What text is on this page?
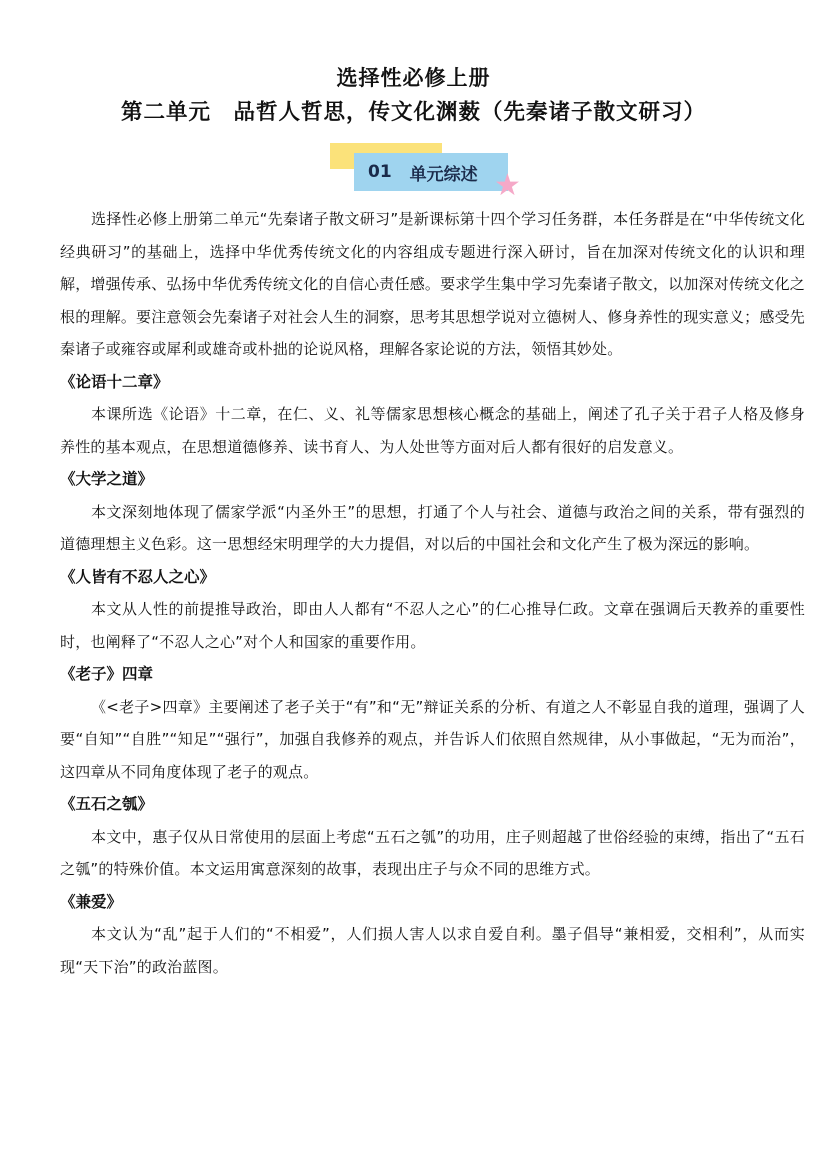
选择性必修上册
第二单元　品哲人哲思，传文化渊薮（先秦诸子散文研习）
01 单元综述 ★

选择性必修上册第二单元“先秦诸子散文研习”是新课标第十四个学习任务群，本任务群是在“中华传统文化经典研习”的基础上，选择中华优秀传统文化的内容组成专题进行深入研讨，旨在加深对传统文化的认识和理解，增强传承、弘扬中华优秀传统文化的自信心责任感。要求学生集中学习先秦诸子散文，以加深对传统文化之根的理解。要注意领会先秦诸子对社会人生的洞察，思考其思想学说对立德树人、修身养性的现实意义；感受先秦诸子或雍容或犀利或雄奇或朴拙的论说风格，理解各家论说的方法，领悟其妙处。

《论语十二章》

本课所选《论语》十二章，在仁、义、礼等儒家思想核心概念的基础上，阐述了孔子关于君子人格及修身养性的基本观点，在思想道德修养、读书育人、为人处世等方面对后人都有很好的启发意义。

《大学之道》

本文深刻地体现了儒家学派“内圣外王”的思想，打通了个人与社会、道德与政治之间的关系，带有强烈的道德理想主义色彩。这一思想经宋明理学的大力提倡，对以后的中国社会和文化产生了极为深远的影响。

《人皆有不忍人之心》

本文从人性的前提推导政治，即由人人都有“不忍人之心”的仁心推导仁政。文章在强调后天教养的重要性时，也阐释了“不忍人之心”对个人和国家的重要作用。

《老子》四章

《<老子>四章》主要阐述了老子关于“有”和“无”辩证关系的分析、有道之人不彰显自我的道理，强调了人要“自知”“自胜”“知足”“强行”，加强自我修养的观点，并告诉人们依照自然规律，从小事做起，“无为而治”，这四章从不同角度体现了老子的观点。

《五石之瓠》

本文中，惠子仅从日常使用的层面上考虑“五石之瓠”的功用，庄子则超越了世俗经验的束缚，指出了“五石之瓠”的特殊价值。本文运用寓意深刻的故事，表现出庄子与众不同的思维方式。

《兼爱》

本文认为“乱”起于人们的“不相爱”，人们损人害人以求自爱自利。墨子倡导“兼相爱，交相利”，从而实现“天下治”的政治蓝图。
